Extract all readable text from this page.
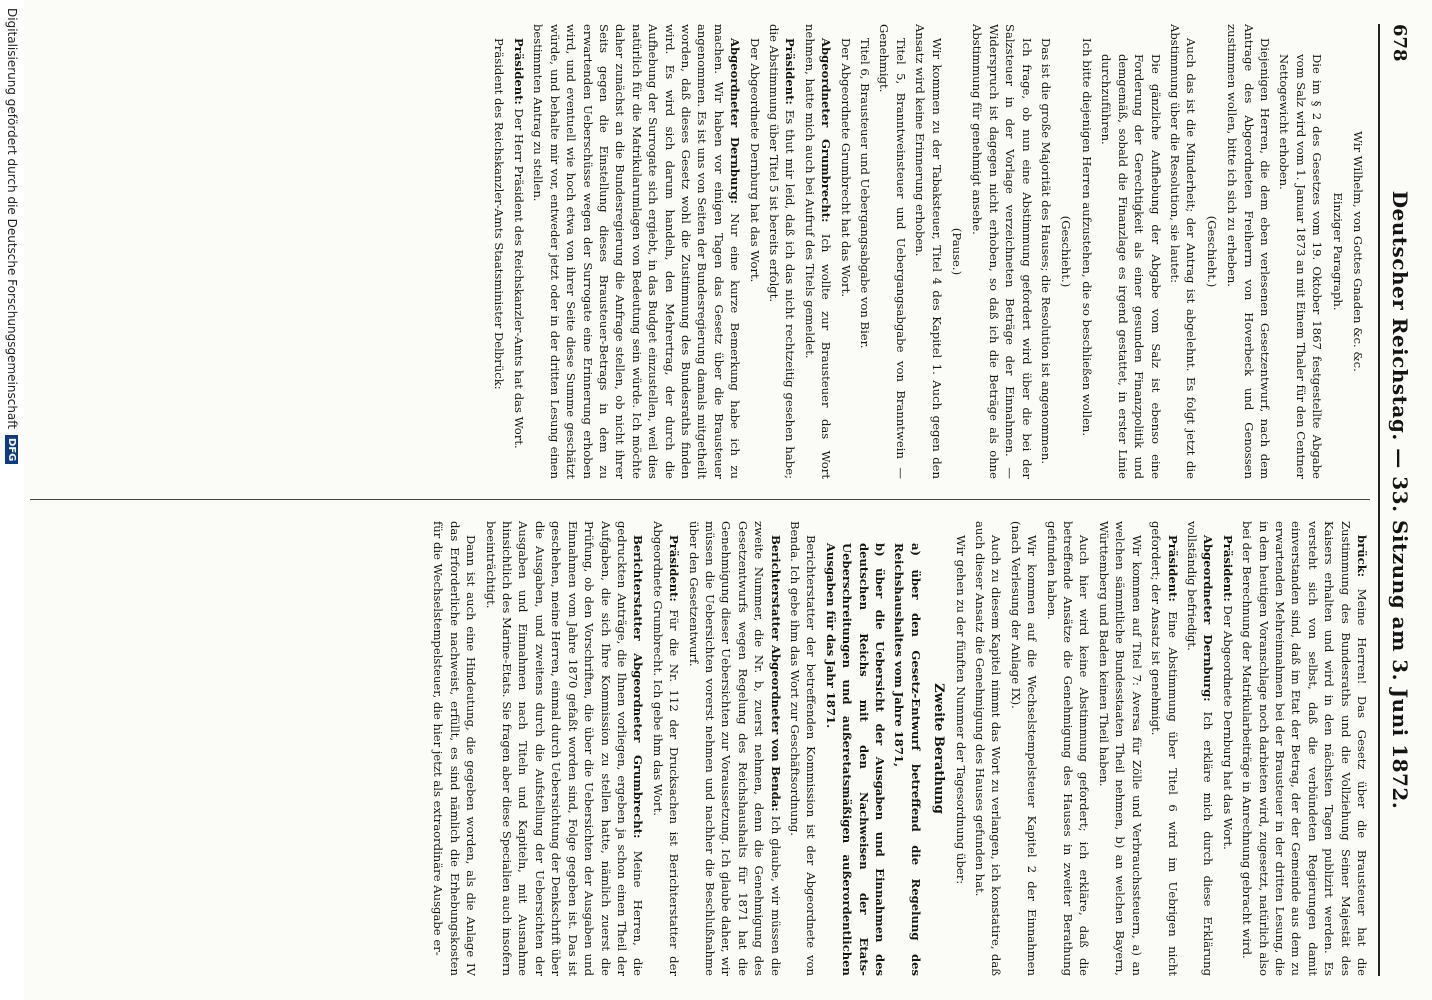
678
Deutscher Reichstag. — 33. Sitzung am 3. Juni 1872.

Wir Wilhelm, von Gottes Gnaden &c. &c.

Einziger Paragraph.

Die im § 2 des Gesetzes vom 19. Oktober 1867 festgestellte Abgabe vom Salz wird vom 1. Januar 1873 an mit Einem Thaler für den Centner Nettogewicht erhoben.

Diejenigen Herren, die dem eben verlesenen Gesetzentwurf, nach dem Antrage des Abgeordneten Freiherrn von Hoverbeck und Genossen zustimmen wollen, bitte ich sich zu erheben.

(Geschieht.)

Auch das ist die Minderheit; der Antrag ist abgelehnt. Es folgt jetzt die Abstimmung über die Resolution, sie lautet:

Die gänzliche Aufhebung der Abgabe vom Salz ist ebenso eine Forderung der Gerechtigkeit als einer gesunden Finanzpolitik und demgemäß, sobald die Finanzlage es irgend gestattet, in erster Linie durchzuführen.

Ich bitte diejenigen Herren aufzustehen, die so beschließen wollen.

(Geschieht.)

Das ist die große Majorität des Hauses; die Resolution ist angenommen.

Ich frage, ob nun eine Abstimmung gefordert wird über die bei der Salzsteuer in der Vorlage verzeichneten Beträge der Einnahmen. — Widerspruch ist dagegen nicht erhoben, so daß ich die Beträge als ohne Abstimmung für genehmigt ansehe.

(Pause.)

Wir kommen zu der Tabaksteuer, Titel 4 des Kapitel 1. Auch gegen den Ansatz wird keine Erinnerung erhoben.

Titel 5, Branntweinsteuer und Uebergangsabgabe von Branntwein — Genehmigt.

Titel 6, Brausteuer und Uebergangsabgabe von Bier.

Der Abgeordnete Grumbrecht hat das Wort.

Abgeordneter Grumbrecht: Ich wollte zur Brausteuer das Wort nehmen, hatte mich auch bei Aufruf des Titels gemeldet.

Präsident: Es thut mir leid, daß ich das nicht rechtzeitig gesehen habe; die Abstimmung über Titel 5 ist bereits erfolgt.

Der Abgeordnete Dernburg hat das Wort.

Abgeordneter Dernburg: Nur eine kurze Bemerkung habe ich zu machen. Wir haben vor einigen Tagen das Gesetz über die Brausteuer angenommen. Es ist uns von Seiten der Bundesregierung damals mitgetheilt worden, daß dieses Gesetz wohl die Zustimmung des Bundesraths finden wird. Es wird sich darum handeln, den Mehrertrag, der durch die Aufhebung der Surrogate sich ergiebt, in das Budget einzustellen, weil dies natürlich für die Matrikularumlagen von Bedeutung sein würde. Ich möchte daher zunächst an die Bundesregierung die Anfrage stellen, ob nicht ihrer Seits gegen die Einstellung dieses Brausteuer-Betrags in dem zu erwartenden Ueberschüsse wegen der Surrogate eine Erinnerung erhoben wird, und eventuell wie hoch etwa von ihrer Seite diese Summe geschätzt würde, und behalte mir vor, entweder jetzt oder in der dritten Lesung einen bestimmten Antrag zu stellen.

Präsident: Der Herr Präsident des Reichskanzler-Amts hat das Wort.

Präsident des Reichskanzler-Amts Staatsminister Delbrück:

brück: Meine Herren! Das Gesetz über die Brausteuer hat die Zustimmung des Bundesraths und die Vollziehung Seiner Majestät des Kaisers erhalten und wird in den nächsten Tagen publizirt werden. Es versteht sich von selbst, daß die verbündeten Regierungen damit einverstanden sind, daß im Etat der Betrag, der der Gemeinde aus dem zu erwartenden Mehreinnahmen bei der Brausteuer in der dritten Lesung, die in dem heutigen Voranschlage noch darbieten wird, zugesetzt, natürlich also bei der Berechnung der Matrikularbeiträge in Anrechnung gebracht wird.

Präsident: Der Abgeordnete Dernburg hat das Wort.

Abgeordneter Dernburg: Ich erkläre mich durch diese Erklärung vollständig befriedigt.

Präsident: Eine Abstimmung über Titel 6 wird im Uebrigen nicht gefordert; der Ansatz ist genehmigt.

Wir kommen auf Titel 7: Aversa für Zölle und Verbrauchssteuern, a) an welchen sämmtliche Bundesstaaten Theil nehmen, b) an welchen Bayern, Württemberg und Baden keinen Theil haben.

Auch hier wird keine Abstimmung gefordert; ich erkläre, daß die betreffende Ansätze die Genehmigung des Hauses in zweiter Berathung gefunden haben.

Wir kommen auf die Wechselstempelsteuer Kapitel 2 der Einnahmen (nach Verlesung der Anlage IX).

Auch zu diesem Kapitel nimmt das Wort zu verlangen, ich konstatire, daß auch dieser Ansatz die Genehmigung des Hauses gefunden hat.

Wir gehen zu der fünften Nummer der Tagesordnung über:

Zweite Berathung

a) über den Gesetz-Entwurf betreffend die Regelung des Reichshaushaltes vom Jahre 1871,

b) über die Uebersicht der Ausgaben und Einnahmen des deutschen Reichs mit den Nachweisen der Etats-Ueberschreitungen und außeretatsmäßigen außerordentlichen Ausgaben für das Jahr 1871.

Berichterstatter der betreffenden Kommission ist der Abgeordnete von Benda. Ich gebe ihm das Wort zur Geschäftsordnung.

Berichterstatter Abgeordneter von Benda: Ich glaube, wir müssen die zweite Nummer, die Nr. b, zuerst nehmen, denn die Genehmigung des Gesetzentwurfs wegen Regelung des Reichshaushalts für 1871 hat die Genehmigung dieser Uebersichten zur Voraussetzung. Ich glaube daher, wir müssen die Uebersichten vorerst nehmen und nachher die Beschlußnahme über den Gesetzentwurf.

Präsident: Für die Nr. 112 der Drucksachen ist Berichterstatter der Abgeordnete Grumbrecht. Ich gebe ihm das Wort.

Berichterstatter Abgeordneter Grumbrecht: Meine Herren, die gedruckten Anträge, die Ihnen vorliegen, ergeben ja schon einen Theil der Aufgaben, die sich Ihre Kommission zu stellen hatte, nämlich zuerst die Prüfung, ob den Vorschriften, die über die Uebersichten der Ausgaben und Einnahmen vom Jahre 1870 gefaßt worden sind, Folge gegeben ist. Das ist geschehen, meine Herren, einmal durch Uebersichtung der Denkschrift über die Ausgaben, und zweitens durch die Aufstellung der Uebersichten der Ausgaben und Einnahmen nach Titeln und Kapiteln, mit Ausnahme hinsichtlich des Marine-Etats. Sie fragen aber diese Specialien auch insofern beeinträchtigt.

Dann ist auch eine Hindeutung, die gegeben worden, als die Anlage IV das Erforderliche nachweist, erfüllt, es sind nämlich die Erhebungskosten für die Wechselstempelsteuer, die hier jetzt als extraordinäre Ausgabe er-

Digitalisierung gefördert durch die Deutsche Forschungsgemeinschaft
DFG
